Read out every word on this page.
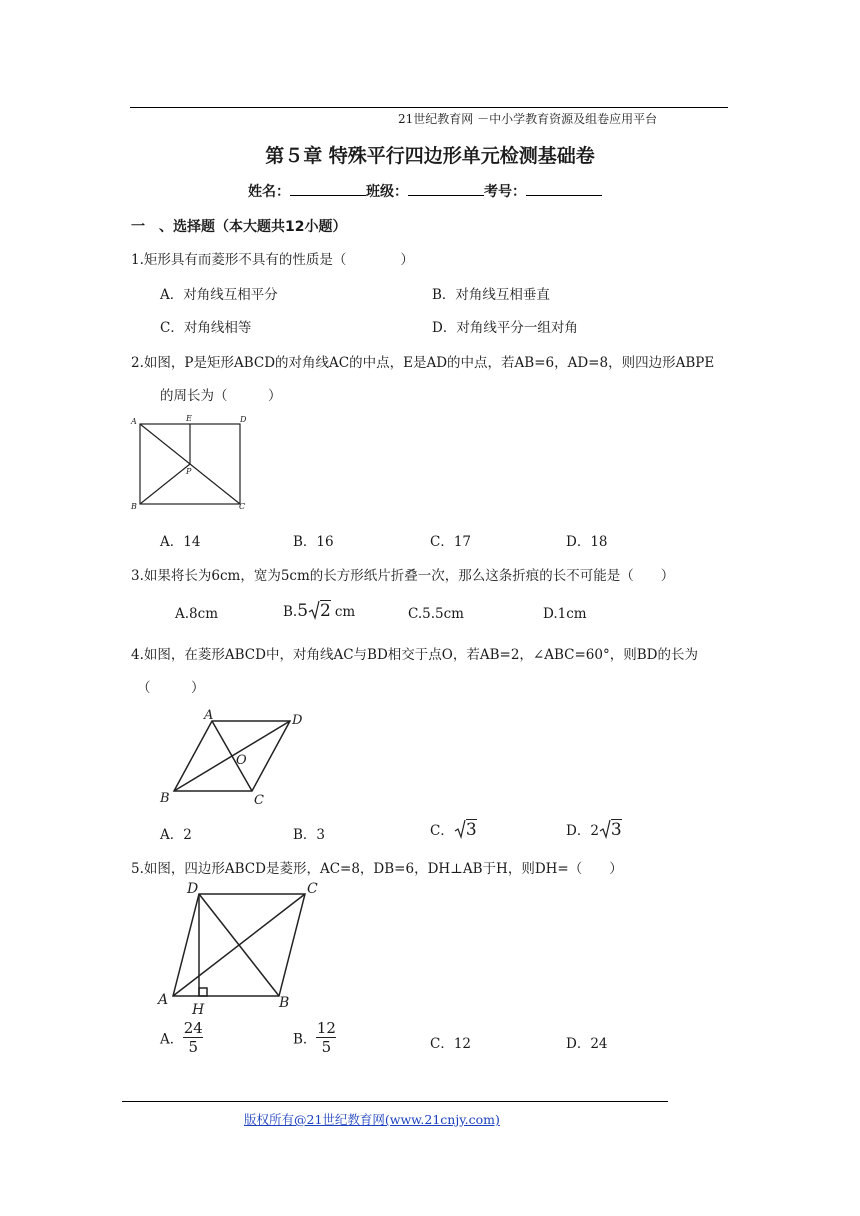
21世纪教育网 －中小学教育资源及组卷应用平台
第５章 特殊平行四边形单元检测基础卷
姓名：	班级：	考号：
一　、选择题（本大题共12小题）
1.矩形具有而菱形不具有的性质是（　　　　）
A．对角线互相平分	B．对角线互相垂直
C．对角线相等	D．对角线平分一组对角
2.如图，P是矩形ABCD的对角线AC的中点，E是AD的中点，若AB=6，AD=8，则四边形ABPE
的周长为（　　　）
A	E	D
P
B	C
A．14	B．16	C．17	D．18
3.如果将长为6cm，宽为5cm的长方形纸片折叠一次，那么这条折痕的长不可能是（　　）
A.8cm	B.5 2 cm	C.5.5cm	D.1cm
4.如图，在菱形ABCD中，对角线AC与BD相交于点O，若AB=2，∠ABC=60°，则BD的长为
（　　　）
A	D
O
B	C
A．2	B．3	C． 3	D．2 3
5.如图，四边形ABCD是菱形，AC=8，DB=6，DH⊥AB于H，则DH=（　　）
D	C
A
H	B
A． $\frac{24}{5}$	B． $\frac{12}{5}$	C．12	D．24
版权所有@21世纪教育网(www.21cnjy.com)
